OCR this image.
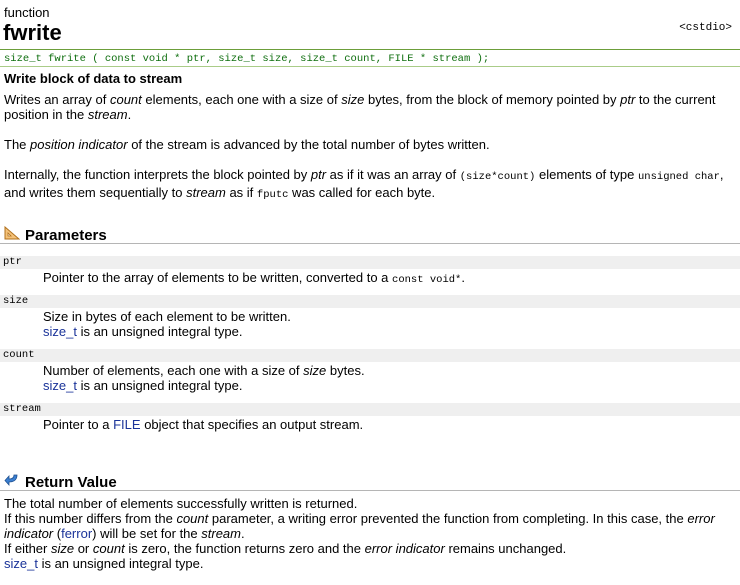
function
fwrite	<cstdio>
size_t fwrite ( const void * ptr, size_t size, size_t count, FILE * stream );
Write block of data to stream
Writes an array of count elements, each one with a size of size bytes, from the block of memory pointed by ptr to the current position in the stream.
The position indicator of the stream is advanced by the total number of bytes written.
Internally, the function interprets the block pointed by ptr as if it was an array of (size*count) elements of type unsigned char, and writes them sequentially to stream as if fputc was called for each byte.
Parameters
ptr
Pointer to the array of elements to be written, converted to a const void*.
size
Size in bytes of each element to be written.
size_t is an unsigned integral type.
count
Number of elements, each one with a size of size bytes.
size_t is an unsigned integral type.
stream
Pointer to a FILE object that specifies an output stream.
Return Value
The total number of elements successfully written is returned.
If this number differs from the count parameter, a writing error prevented the function from completing. In this case, the error indicator (ferror) will be set for the stream.
If either size or count is zero, the function returns zero and the error indicator remains unchanged.
size_t is an unsigned integral type.
